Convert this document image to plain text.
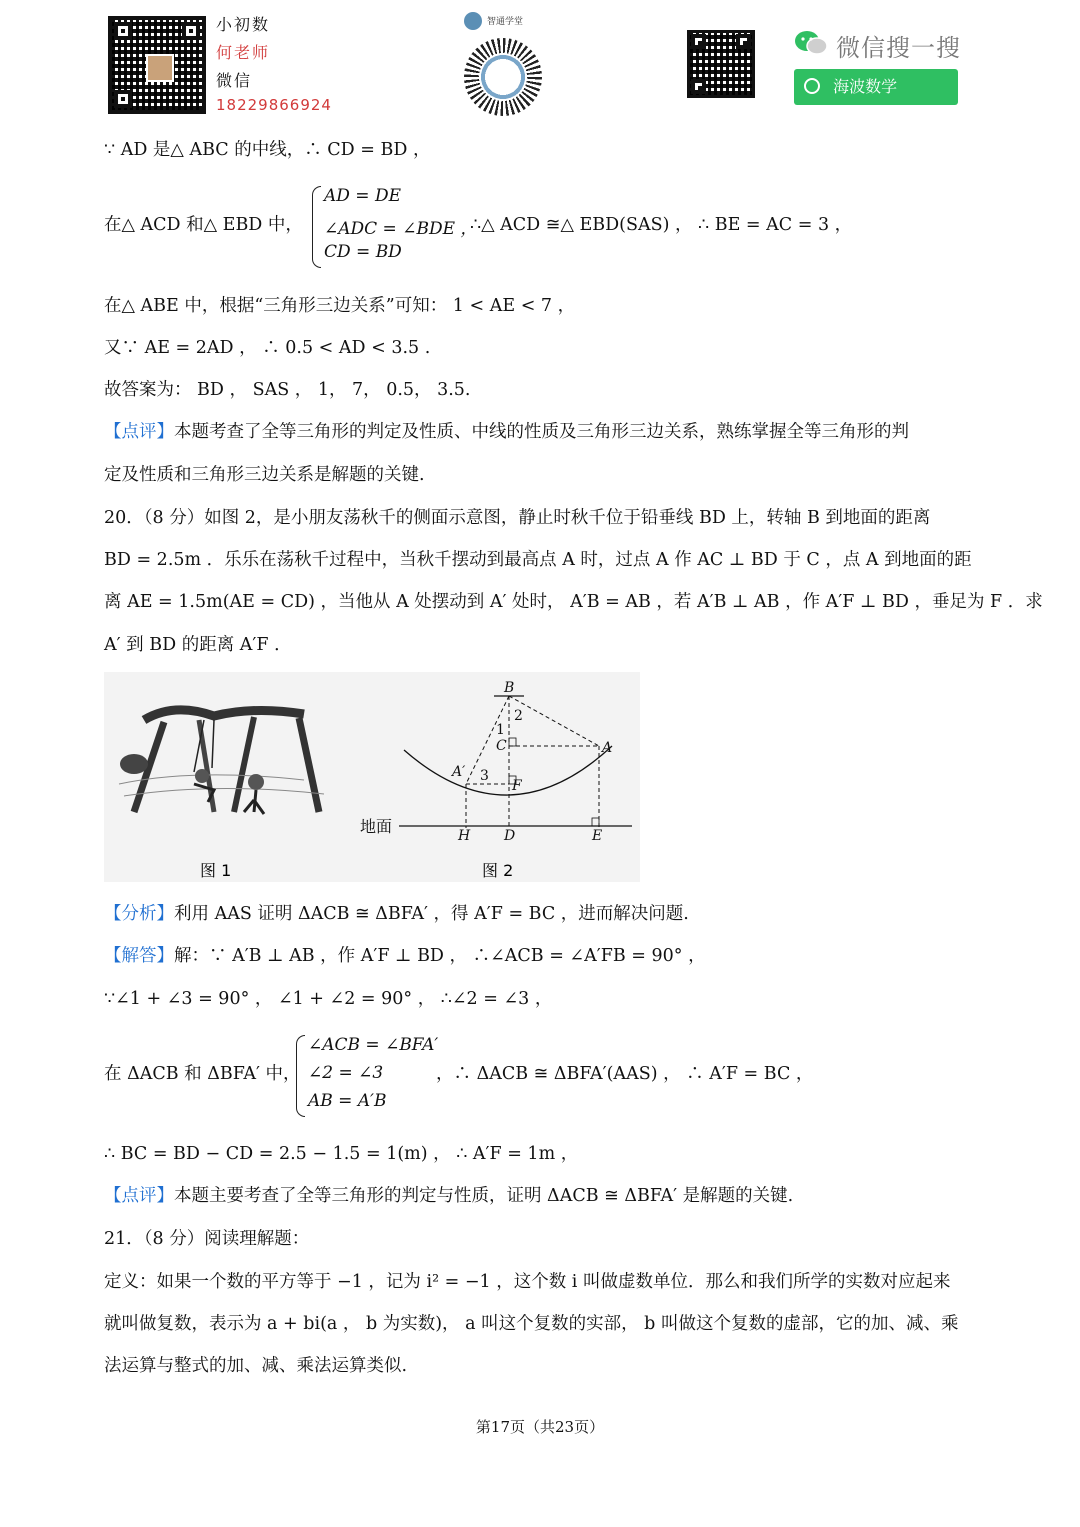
小初数
何老师
微信
18229866924
智通学堂
微信搜一搜
海波数学
∵ AD 是△ ABC 的中线，∴ CD = BD ，
在△ ACD 和△ EBD 中，
AD = DE
∠ADC = ∠BDE ，
CD = BD
∴△ ACD ≅△ EBD(SAS) ， ∴ BE = AC = 3 ，
在△ ABE 中，根据“三角形三边关系”可知： 1 < AE < 7 ，
又∵ AE = 2AD ， ∴ 0.5 < AD < 3.5 .
故答案为： BD ， SAS ， 1， 7， 0.5， 3.5.
【点评】本题考查了全等三角形的判定及性质、中线的性质及三角形三边关系，熟练掌握全等三角形的判
定及性质和三角形三边关系是解题的关键.
20．（8 分）如图 2，是小朋友荡秋千的侧面示意图，静止时秋千位于铅垂线 BD 上，转轴 B 到地面的距离
BD = 2.5m ．乐乐在荡秋千过程中，当秋千摆动到最高点 A 时，过点 A 作 AC ⊥ BD 于 C ，点 A 到地面的距
离 AE = 1.5m(AE = CD) ，当他从 A 处摆动到 A′ 处时， A′B = AB ，若 A′B ⊥ AB ，作 A′F ⊥ BD ，垂足为 F ．求
A′ 到 BD 的距离 A′F ．
图 1
B
2
1
C	A
A′ 3
F
H D	E
地面
图 2
【分析】利用 AAS 证明 ΔACB ≅ ΔBFA′ ，得 A′F = BC ，进而解决问题.
【解答】解：∵ A′B ⊥ AB ，作 A′F ⊥ BD ， ∴∠ACB = ∠A′FB = 90° ，
∵∠1 + ∠3 = 90° ， ∠1 + ∠2 = 90° ， ∴∠2 = ∠3 ，
在 ΔACB 和 ΔBFA′ 中，
∠ACB = ∠BFA′
∠2 = ∠3
AB = A′B
，∴ ΔACB ≅ ΔBFA′(AAS) ， ∴ A′F = BC ，
∴ BC = BD − CD = 2.5 − 1.5 = 1(m) ， ∴ A′F = 1m ，
【点评】本题主要考查了全等三角形的判定与性质，证明 ΔACB ≅ ΔBFA′ 是解题的关键.
21．（8 分）阅读理解题：
定义：如果一个数的平方等于 −1 ，记为 i² = −1 ，这个数 i 叫做虚数单位．那么和我们所学的实数对应起来
就叫做复数，表示为 a + bi(a ， b 为实数)， a 叫这个复数的实部， b 叫做这个复数的虚部，它的加、减、乘
法运算与整式的加、减、乘法运算类似.
第17页（共23页）
